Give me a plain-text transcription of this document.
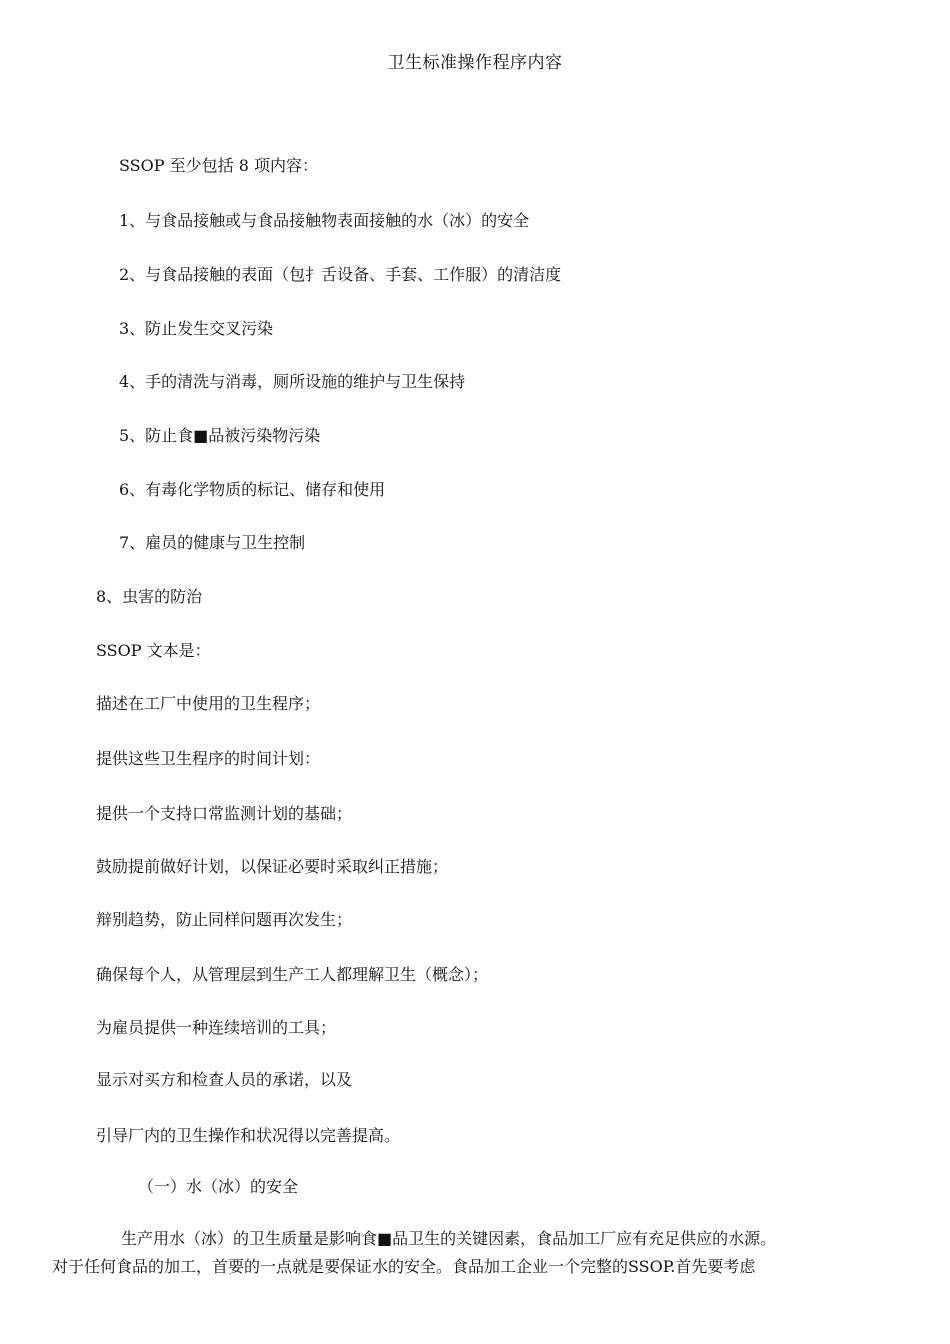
卫生标准操作程序内容
SSOP 至少包括 8 项内容：
1、与食品接触或与食品接触物表面接触的水（冰）的安全
2、与食品接触的表面（包扌舌设备、手套、工作服）的清洁度
3、防止发生交叉污染
4、手的清洗与消毒，厕所设施的维护与卫生保持
5、防止食■品被污染物污染
6、有毒化学物质的标记、储存和使用
7、雇员的健康与卫生控制
8、虫害的防治
SSOP 文本是：
描述在工厂中使用的卫生程序；
提供这些卫生程序的时间计划：
提供一个支持口常监测计划的基础；
鼓励提前做好计划，以保证必要时采取纠正措施；
辩别趋势，防止同样问题再次发生；
确保每个人，从管理层到生产工人都理解卫生（概念）；
为雇员提供一种连续培训的工具；
显示对买方和检查人员的承诺，以及
引导厂内的卫生操作和状况得以完善提高。
（一）水（冰）的安全
生产用水（冰）的卫生质量是影响食■品卫生的关键因素，食品加工厂应有充足供应的水源。
对于任何食品的加工，首要的一点就是要保证水的安全。食品加工企业一个完整的SSOP.首先要考虑
